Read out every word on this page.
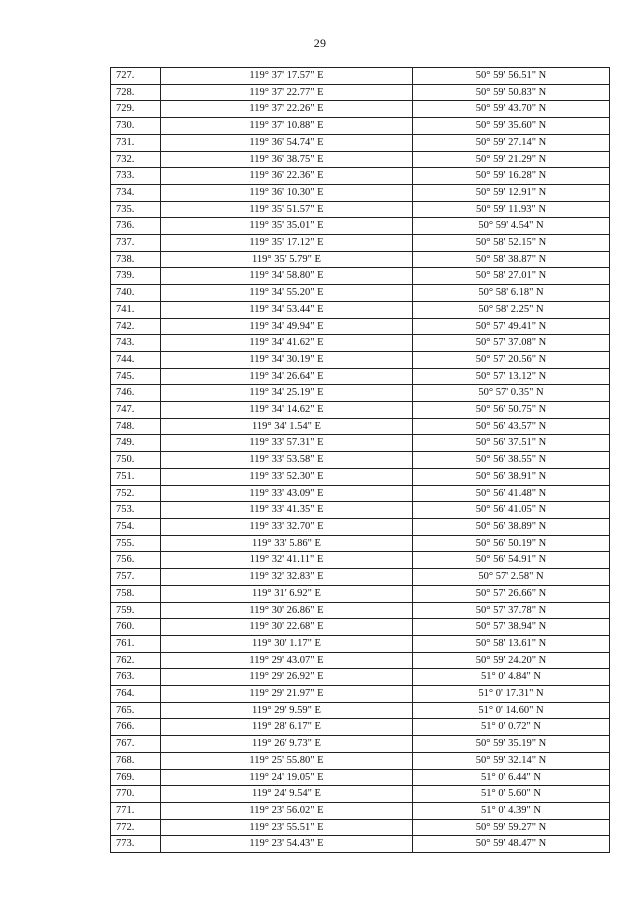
29
727.	119° 37' 17.57" E	50° 59' 56.51" N
728.	119° 37' 22.77" E	50° 59' 50.83" N
729.	119° 37' 22.26" E	50° 59' 43.70" N
730.	119° 37' 10.88" E	50° 59' 35.60" N
731.	119° 36' 54.74" E	50° 59' 27.14" N
732.	119° 36' 38.75" E	50° 59' 21.29" N
733.	119° 36' 22.36" E	50° 59' 16.28" N
734.	119° 36' 10.30" E	50° 59' 12.91" N
735.	119° 35' 51.57" E	50° 59' 11.93" N
736.	119° 35' 35.01" E	50° 59' 4.54" N
737.	119° 35' 17.12" E	50° 58' 52.15" N
738.	119° 35' 5.79" E	50° 58' 38.87" N
739.	119° 34' 58.80" E	50° 58' 27.01" N
740.	119° 34' 55.20" E	50° 58' 6.18" N
741.	119° 34' 53.44" E	50° 58' 2.25" N
742.	119° 34' 49.94" E	50° 57' 49.41" N
743.	119° 34' 41.62" E	50° 57' 37.08" N
744.	119° 34' 30.19" E	50° 57' 20.56" N
745.	119° 34' 26.64" E	50° 57' 13.12" N
746.	119° 34' 25.19" E	50° 57' 0.35" N
747.	119° 34' 14.62" E	50° 56' 50.75" N
748.	119° 34' 1.54" E	50° 56' 43.57" N
749.	119° 33' 57.31" E	50° 56' 37.51" N
750.	119° 33' 53.58" E	50° 56' 38.55" N
751.	119° 33' 52.30" E	50° 56' 38.91" N
752.	119° 33' 43.09" E	50° 56' 41.48" N
753.	119° 33' 41.35" E	50° 56' 41.05" N
754.	119° 33' 32.70" E	50° 56' 38.89" N
755.	119° 33' 5.86" E	50° 56' 50.19" N
756.	119° 32' 41.11" E	50° 56' 54.91" N
757.	119° 32' 32.83" E	50° 57' 2.58" N
758.	119° 31' 6.92" E	50° 57' 26.66" N
759.	119° 30' 26.86" E	50° 57' 37.78" N
760.	119° 30' 22.68" E	50° 57' 38.94" N
761.	119° 30' 1.17" E	50° 58' 13.61" N
762.	119° 29' 43.07" E	50° 59' 24.20" N
763.	119° 29' 26.92" E	51° 0' 4.84" N
764.	119° 29' 21.97" E	51° 0' 17.31" N
765.	119° 29' 9.59" E	51° 0' 14.60" N
766.	119° 28' 6.17" E	51° 0' 0.72" N
767.	119° 26' 9.73" E	50° 59' 35.19" N
768.	119° 25' 55.80" E	50° 59' 32.14" N
769.	119° 24' 19.05" E	51° 0' 6.44" N
770.	119° 24' 9.54" E	51° 0' 5.60" N
771.	119° 23' 56.02" E	51° 0' 4.39" N
772.	119° 23' 55.51" E	50° 59' 59.27" N
773.	119° 23' 54.43" E	50° 59' 48.47" N
